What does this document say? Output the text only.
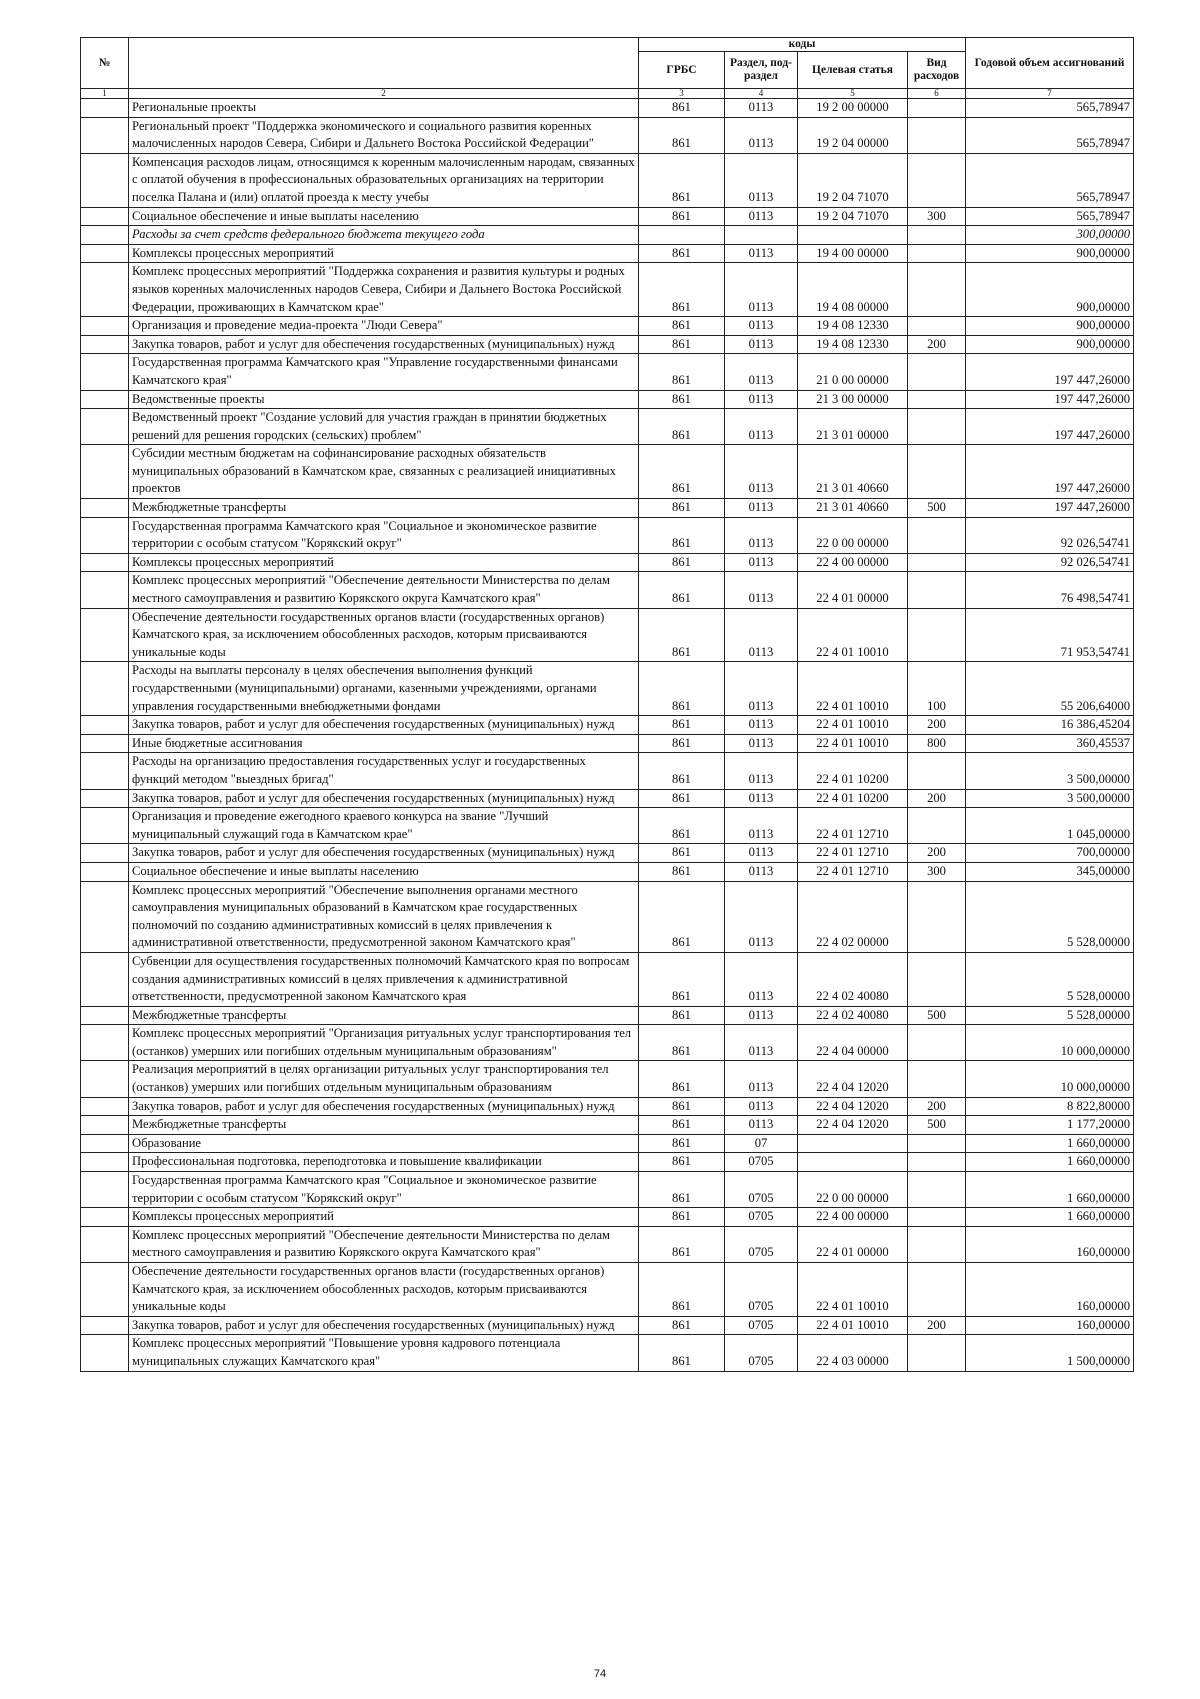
№		коды				Годовой объем ассигнований
		ГРБС	Раздел, под-раздел	Целевая статья	Вид расходов	
1	2	3	4	5	6	7
	Региональные проекты	861	0113	19 2 00 00000		565,78947
	Региональный проект "Поддержка экономического и социального развития коренных малочисленных народов Севера, Сибири и Дальнего Востока Российской Федерации"	861	0113	19 2 04 00000		565,78947
	Компенсация расходов лицам, относящимся к коренным малочисленным народам, связанных с оплатой обучения в профессиональных образовательных организациях на территории поселка Палана и (или) оплатой проезда к месту учебы	861	0113	19 2 04 71070		565,78947
	Социальное обеспечение и иные выплаты населению	861	0113	19 2 04 71070	300	565,78947
	Расходы за счет средств федерального бюджета текущего года					300,00000
	Комплексы процессных мероприятий	861	0113	19 4 00 00000		900,00000
	Комплекс процессных мероприятий "Поддержка сохранения и развития культуры и родных языков коренных малочисленных народов Севера, Сибири и Дальнего Востока Российской Федерации, проживающих в Камчатском крае"	861	0113	19 4 08 00000		900,00000
	Организация и проведение медиа-проекта "Люди Севера"	861	0113	19 4 08 12330		900,00000
	Закупка товаров, работ и услуг для обеспечения государственных (муниципальных) нужд	861	0113	19 4 08 12330	200	900,00000
	Государственная программа Камчатского края "Управление государственными финансами Камчатского края"	861	0113	21 0 00 00000		197 447,26000
	Ведомственные проекты	861	0113	21 3 00 00000		197 447,26000
	Ведомственный проект "Создание условий для участия граждан в принятии бюджетных решений для решения городских (сельских) проблем"	861	0113	21 3 01 00000		197 447,26000
	Субсидии местным бюджетам на софинансирование расходных обязательств муниципальных образований в Камчатском крае, связанных с реализацией инициативных проектов	861	0113	21 3 01 40660		197 447,26000
	Межбюджетные трансферты	861	0113	21 3 01 40660	500	197 447,26000
	Государственная программа Камчатского края "Социальное и экономическое развитие территории с особым статусом "Корякский округ"	861	0113	22 0 00 00000		92 026,54741
	Комплексы процессных мероприятий	861	0113	22 4 00 00000		92 026,54741
	Комплекс процессных мероприятий "Обеспечение деятельности Министерства по делам местного самоуправления и развитию Корякского округа Камчатского края"	861	0113	22 4 01 00000		76 498,54741
	Обеспечение деятельности государственных органов власти (государственных органов) Камчатского края, за исключением обособленных расходов, которым присваиваются уникальные коды	861	0113	22 4 01 10010		71 953,54741
	Расходы на выплаты персоналу в целях обеспечения выполнения функций государственными (муниципальными) органами, казенными учреждениями, органами управления государственными внебюджетными фондами	861	0113	22 4 01 10010	100	55 206,64000
	Закупка товаров, работ и услуг для обеспечения государственных (муниципальных) нужд	861	0113	22 4 01 10010	200	16 386,45204
	Иные бюджетные ассигнования	861	0113	22 4 01 10010	800	360,45537
	Расходы на организацию предоставления государственных услуг и государственных функций методом "выездных бригад"	861	0113	22 4 01 10200		3 500,00000
	Закупка товаров, работ и услуг для обеспечения государственных (муниципальных) нужд	861	0113	22 4 01 10200	200	3 500,00000
	Организация и проведение ежегодного краевого конкурса на звание "Лучший муниципальный служащий года в Камчатском крае"	861	0113	22 4 01 12710		1 045,00000
	Закупка товаров, работ и услуг для обеспечения государственных (муниципальных) нужд	861	0113	22 4 01 12710	200	700,00000
	Социальное обеспечение и иные выплаты населению	861	0113	22 4 01 12710	300	345,00000
	Комплекс процессных мероприятий "Обеспечение выполнения органами местного самоуправления муниципальных образований в Камчатском крае государственных полномочий по созданию административных комиссий в целях привлечения к административной ответственности, предусмотренной законом Камчатского края"	861	0113	22 4 02 00000		5 528,00000
	Субвенции для осуществления государственных полномочий Камчатского края по вопросам создания административных комиссий в целях привлечения к административной ответственности, предусмотренной законом Камчатского края	861	0113	22 4 02 40080		5 528,00000
	Межбюджетные трансферты	861	0113	22 4 02 40080	500	5 528,00000
	Комплекс процессных мероприятий "Организация ритуальных услуг транспортирования тел (останков) умерших или погибших отдельным муниципальным образованиям"	861	0113	22 4 04 00000		10 000,00000
	Реализация мероприятий в целях организации ритуальных услуг транспортирования тел (останков) умерших или погибших отдельным муниципальным образованиям	861	0113	22 4 04 12020		10 000,00000
	Закупка товаров, работ и услуг для обеспечения государственных (муниципальных) нужд	861	0113	22 4 04 12020	200	8 822,80000
	Межбюджетные трансферты	861	0113	22 4 04 12020	500	1 177,20000
	Образование	861	07			1 660,00000
	Профессиональная подготовка, переподготовка и повышение квалификации	861	0705			1 660,00000
	Государственная программа Камчатского края "Социальное и экономическое развитие территории с особым статусом "Корякский округ"	861	0705	22 0 00 00000		1 660,00000
	Комплексы процессных мероприятий	861	0705	22 4 00 00000		1 660,00000
	Комплекс процессных мероприятий "Обеспечение деятельности Министерства по делам местного самоуправления и развитию Корякского округа Камчатского края"	861	0705	22 4 01 00000		160,00000
	Обеспечение деятельности государственных органов власти (государственных органов) Камчатского края, за исключением обособленных расходов, которым присваиваются уникальные коды	861	0705	22 4 01 10010		160,00000
	Закупка товаров, работ и услуг для обеспечения государственных (муниципальных) нужд	861	0705	22 4 01 10010	200	160,00000
	Комплекс процессных мероприятий "Повышение уровня кадрового потенциала муниципальных служащих Камчатского края"	861	0705	22 4 03 00000		1 500,00000
74
